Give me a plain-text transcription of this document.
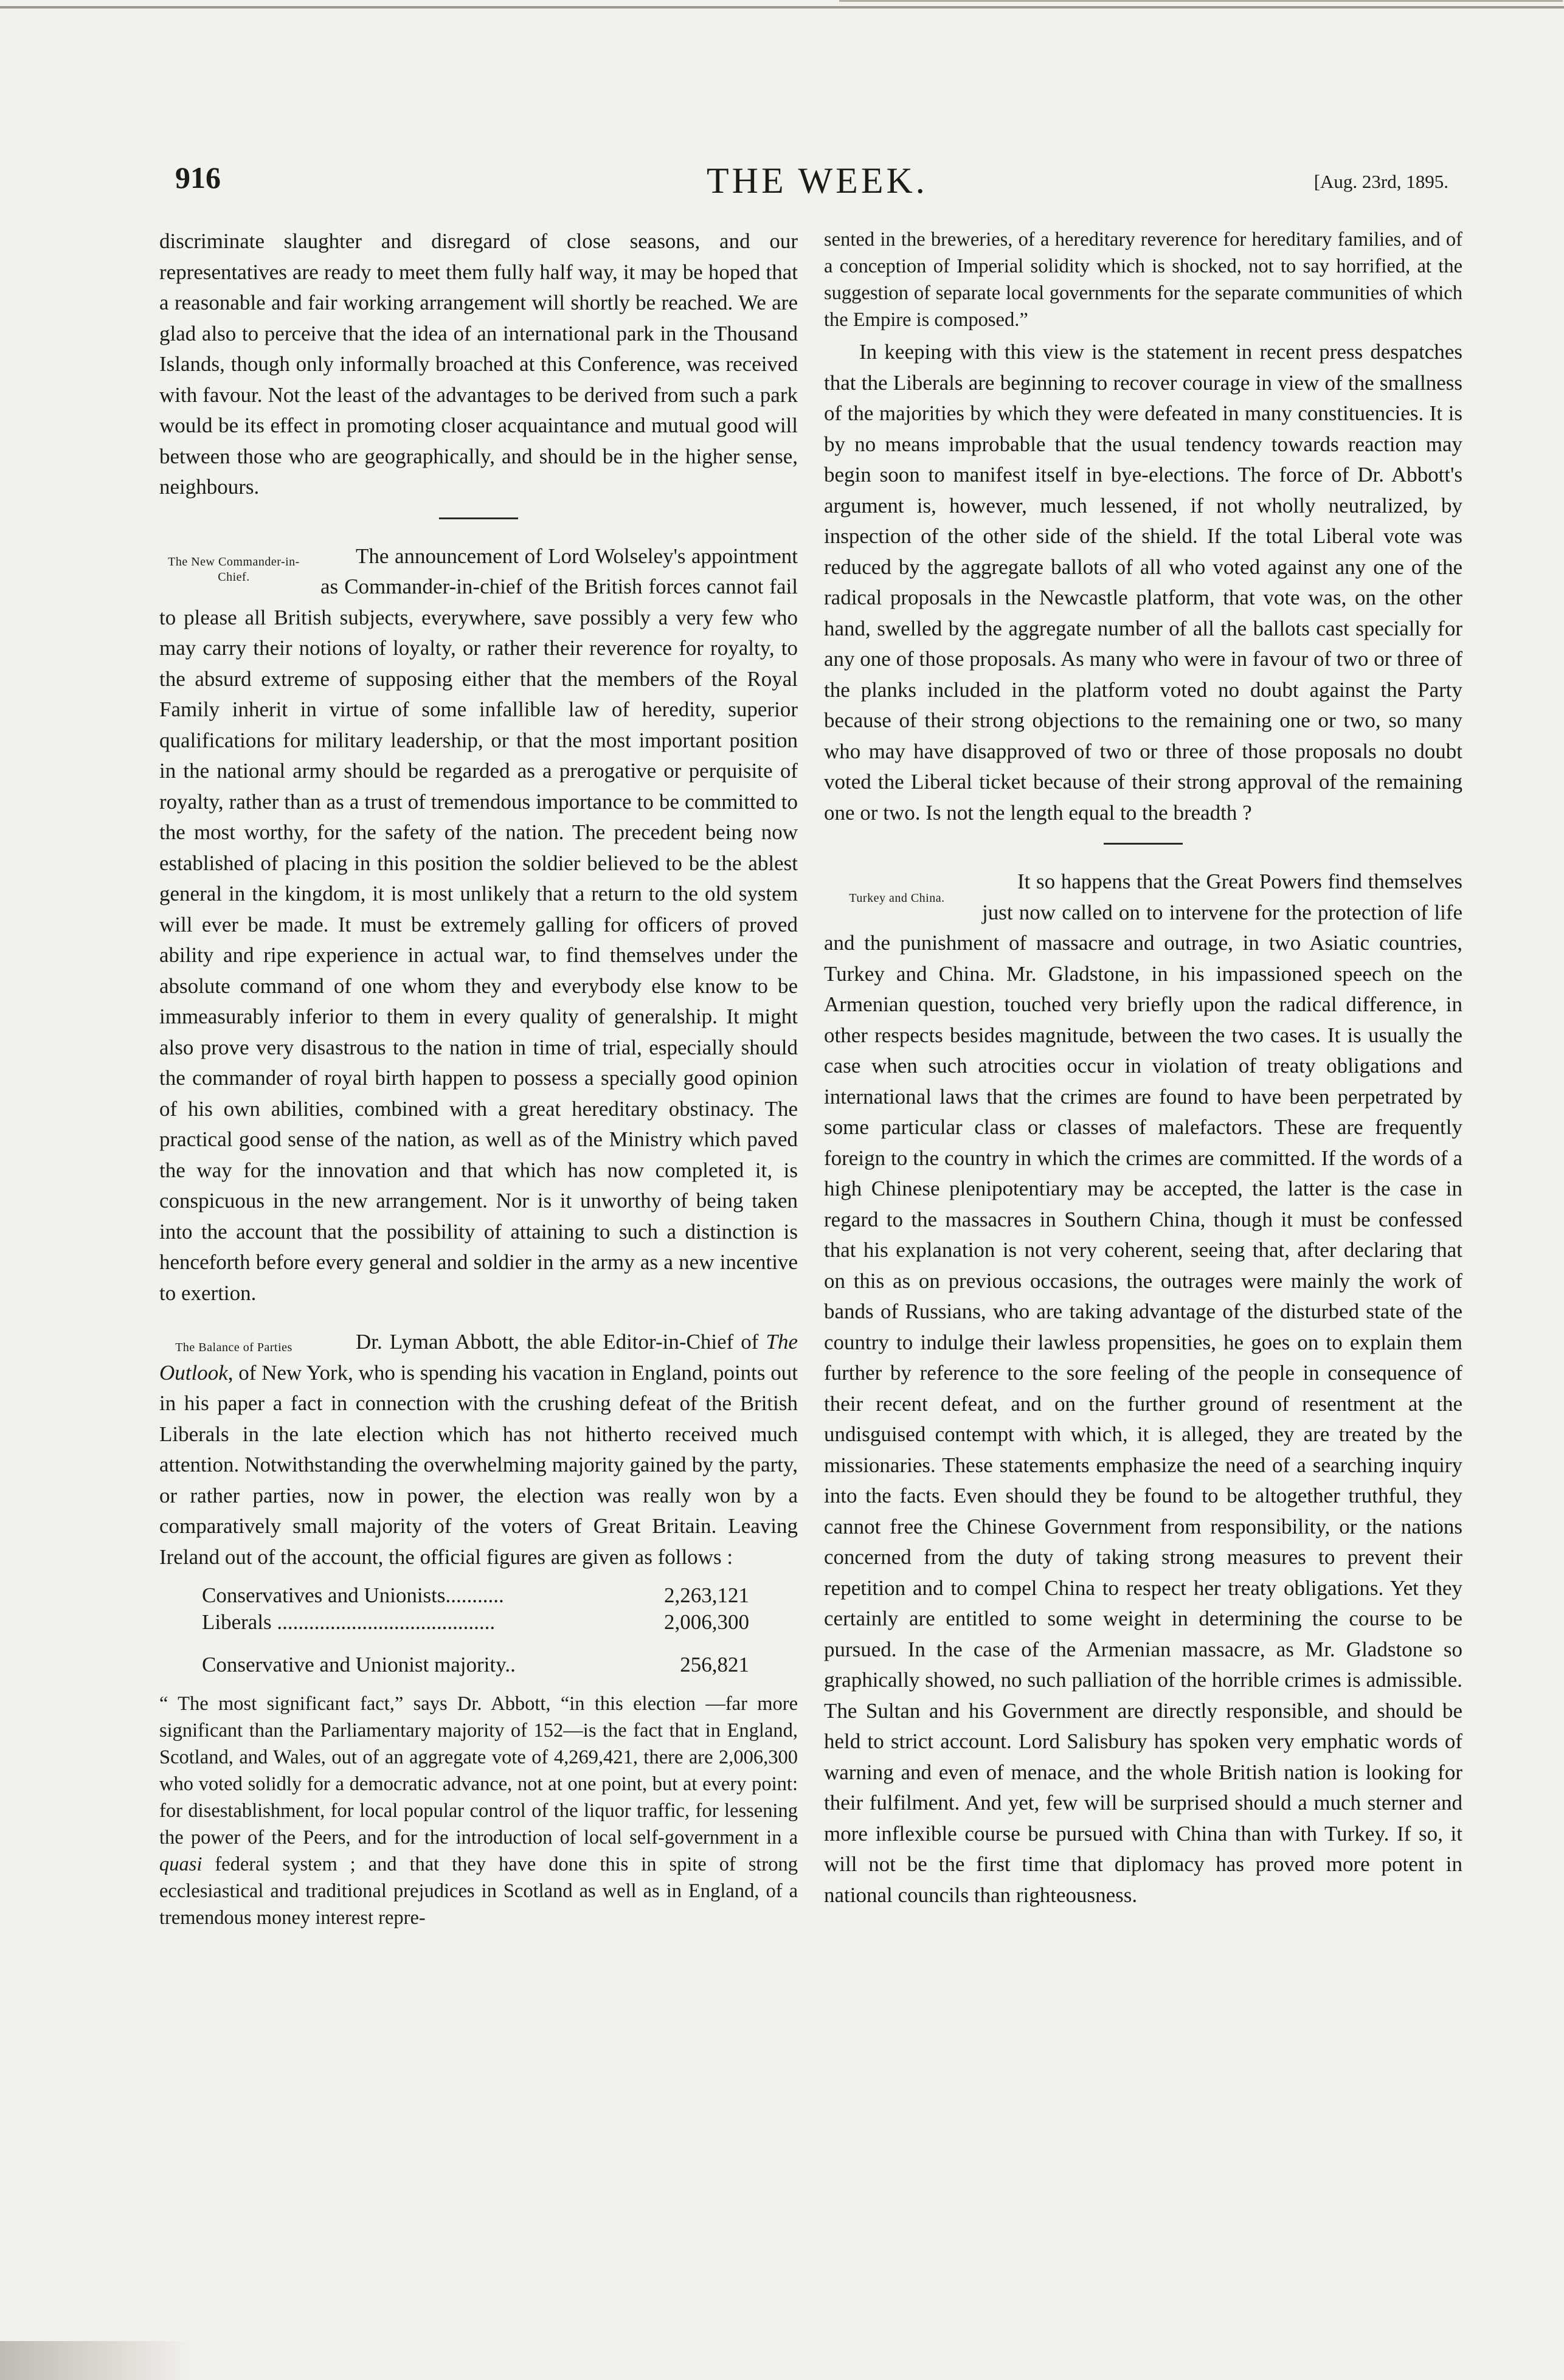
916	THE WEEK.	[Aug. 23rd, 1895.

discriminate slaughter and disregard of close seasons, and our representatives are ready to meet them fully half way, it may be hoped that a reasonable and fair working arrangement will shortly be reached. We are glad also to perceive that the idea of an international park in the Thousand Islands, though only informally broached at this Conference, was received with favour. Not the least of the advantages to be derived from such a park would be its effect in promoting closer acquaintance and mutual good will between those who are geographically, and should be in the higher sense, neighbours.

The New Commander-in-Chief.

The announcement of Lord Wolseley's appointment as Commander-in-chief of the British forces cannot fail to please all British subjects, everywhere, save possibly a very few who may carry their notions of loyalty, or rather their reverence for royalty, to the absurd extreme of supposing either that the members of the Royal Family inherit in virtue of some infallible law of heredity, superior qualifications for military leadership, or that the most important position in the national army should be regarded as a prerogative or perquisite of royalty, rather than as a trust of tremendous importance to be committed to the most worthy, for the safety of the nation. The precedent being now established of placing in this position the soldier believed to be the ablest general in the kingdom, it is most unlikely that a return to the old system will ever be made. It must be extremely galling for officers of proved ability and ripe experience in actual war, to find themselves under the absolute command of one whom they and everybody else know to be immeasurably inferior to them in every quality of generalship. It might also prove very disastrous to the nation in time of trial, especially should the commander of royal birth happen to possess a specially good opinion of his own abilities, combined with a great hereditary obstinacy. The practical good sense of the nation, as well as of the Ministry which paved the way for the innovation and that which has now completed it, is conspicuous in the new arrangement. Nor is it unworthy of being taken into the account that the possibility of attaining to such a distinction is henceforth before every general and soldier in the army as a new incentive to exertion.

The Balance of Parties	Dr. Lyman Abbott, the able Editor-in-Chief of The Outlook, of New York, who is spending his vacation in England, points out in his paper a fact in connection with the crushing defeat of the British Liberals in the late election which has not hitherto received much attention. Notwithstanding the overwhelming majority gained by the party, or rather parties, now in power, the election was really won by a comparatively small majority of the voters of Great Britain. Leaving Ireland out of the account, the official figures are given as follows :

Conservatives and Unionists...........	2,263,121
Liberals .........................................	2,006,300
Conservative and Unionist majority..	256,821

“ The most significant fact,” says Dr. Abbott, “in this election —far more significant than the Parliamentary majority of 152—is the fact that in England, Scotland, and Wales, out of an aggregate vote of 4,269,421, there are 2,006,300 who voted solidly for a democratic advance, not at one point, but at every point: for disestablishment, for local popular control of the liquor traffic, for lessening the power of the Peers, and for the introduction of local self-government in a quasi federal system ; and that they have done this in spite of strong ecclesiastical and traditional prejudices in Scotland as well as in England, of a tremendous money interest repre-

sented in the breweries, of a hereditary reverence for hereditary families, and of a conception of Imperial solidity which is shocked, not to say horrified, at the suggestion of separate local governments for the separate communities of which the Empire is composed.”

In keeping with this view is the statement in recent press despatches that the Liberals are beginning to recover courage in view of the smallness of the majorities by which they were defeated in many constituencies. It is by no means improbable that the usual tendency towards reaction may begin soon to manifest itself in bye-elections. The force of Dr. Abbott's argument is, however, much lessened, if not wholly neutralized, by inspection of the other side of the shield. If the total Liberal vote was reduced by the aggregate ballots of all who voted against any one of the radical proposals in the Newcastle platform, that vote was, on the other hand, swelled by the aggregate number of all the ballots cast specially for any one of those proposals. As many who were in favour of two or three of the planks included in the platform voted no doubt against the Party because of their strong objections to the remaining one or two, so many who may have disapproved of two or three of those proposals no doubt voted the Liberal ticket because of their strong approval of the remaining one or two. Is not the length equal to the breadth ?

Turkey and China.

It so happens that the Great Powers find themselves just now called on to intervene for the protection of life and the punishment of massacre and outrage, in two Asiatic countries, Turkey and China. Mr. Gladstone, in his impassioned speech on the Armenian question, touched very briefly upon the radical difference, in other respects besides magnitude, between the two cases. It is usually the case when such atrocities occur in violation of treaty obligations and international laws that the crimes are found to have been perpetrated by some particular class or classes of malefactors. These are frequently foreign to the country in which the crimes are committed. If the words of a high Chinese plenipotentiary may be accepted, the latter is the case in regard to the massacres in Southern China, though it must be confessed that his explanation is not very coherent, seeing that, after declaring that on this as on previous occasions, the outrages were mainly the work of bands of Russians, who are taking advantage of the disturbed state of the country to indulge their lawless propensities, he goes on to explain them further by reference to the sore feeling of the people in consequence of their recent defeat, and on the further ground of resentment at the undisguised contempt with which, it is alleged, they are treated by the missionaries. These statements emphasize the need of a searching inquiry into the facts. Even should they be found to be altogether truthful, they cannot free the Chinese Government from responsibility, or the nations concerned from the duty of taking strong measures to prevent their repetition and to compel China to respect her treaty obligations. Yet they certainly are entitled to some weight in determining the course to be pursued. In the case of the Armenian massacre, as Mr. Gladstone so graphically showed, no such palliation of the horrible crimes is admissible. The Sultan and his Government are directly responsible, and should be held to strict account. Lord Salisbury has spoken very emphatic words of warning and even of menace, and the whole British nation is looking for their fulfilment. And yet, few will be surprised should a much sterner and more inflexible course be pursued with China than with Turkey. If so, it will not be the first time that diplomacy has proved more potent in national councils than righteousness.
